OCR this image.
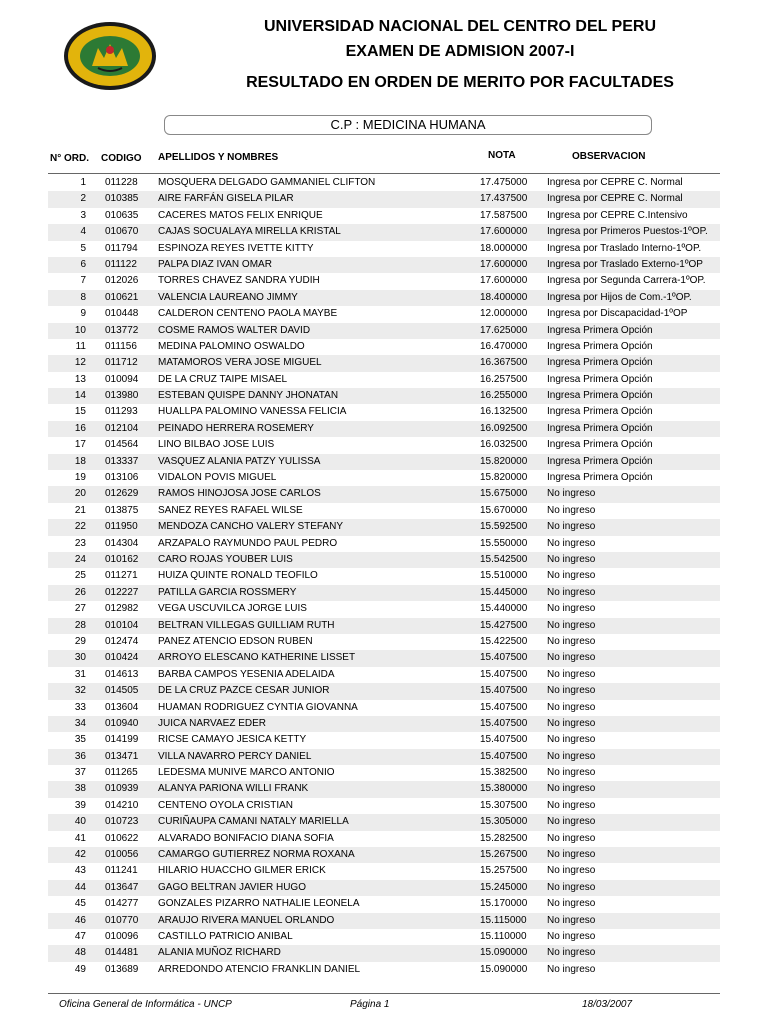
UNIVERSIDAD NACIONAL DEL CENTRO DEL PERU
EXAMEN DE ADMISION 2007-I
RESULTADO EN ORDEN DE MERITO POR FACULTADES
C.P : MEDICINA HUMANA
N° ORD. CODIGO APELLIDOS Y NOMBRES	NOTA	OBSERVACION
1 011228 MOSQUERA DELGADO GAMMANIEL CLIFTON	17.475000 Ingresa por CEPRE C. Normal
2 010385 AIRE FARFÁN GISELA PILAR	17.437500 Ingresa por CEPRE C. Normal
3 010635 CACERES MATOS FELIX ENRIQUE	17.587500 Ingresa por CEPRE C.Intensivo
4 010670 CAJAS SOCUALAYA MIRELLA KRISTAL	17.600000 Ingresa por Primeros Puestos-1ºOP.
5 011794 ESPINOZA REYES IVETTE KITTY	18.000000 Ingresa por Traslado Interno-1ºOP.
6 011122 PALPA DIAZ IVAN OMAR	17.600000 Ingresa por Traslado Externo-1ºOP
7 012026 TORRES CHAVEZ SANDRA YUDIH	17.600000 Ingresa por Segunda Carrera-1ºOP.
8 010621 VALENCIA LAUREANO JIMMY	18.400000 Ingresa por Hijos de Com.-1ºOP.
9 010448 CALDERON CENTENO PAOLA MAYBE	12.000000 Ingresa por Discapacidad-1ºOP
10 013772 COSME RAMOS WALTER DAVID	17.625000 Ingresa Primera Opción
11 011156 MEDINA PALOMINO OSWALDO	16.470000 Ingresa Primera Opción
12 011712 MATAMOROS VERA JOSE MIGUEL	16.367500 Ingresa Primera Opción
13 010094 DE LA CRUZ TAIPE MISAEL	16.257500 Ingresa Primera Opción
14 013980 ESTEBAN QUISPE DANNY JHONATAN	16.255000 Ingresa Primera Opción
15 011293 HUALLPA PALOMINO VANESSA FELICIA	16.132500 Ingresa Primera Opción
16 012104 PEINADO HERRERA ROSEMERY	16.092500 Ingresa Primera Opción
17 014564 LINO BILBAO JOSE LUIS	16.032500 Ingresa Primera Opción
18 013337 VASQUEZ ALANIA PATZY YULISSA	15.820000 Ingresa Primera Opción
19 013106 VIDALON POVIS MIGUEL	15.820000 Ingresa Primera Opción
20 012629 RAMOS HINOJOSA JOSE CARLOS	15.675000 No ingreso
21 013875 SANEZ REYES RAFAEL WILSE	15.670000 No ingreso
22 011950 MENDOZA CANCHO VALERY STEFANY	15.592500 No ingreso
23 014304 ARZAPALO RAYMUNDO PAUL PEDRO	15.550000 No ingreso
24 010162 CARO ROJAS YOUBER LUIS	15.542500 No ingreso
25 011271 HUIZA QUINTE RONALD TEOFILO	15.510000 No ingreso
26 012227 PATILLA GARCIA ROSSMERY	15.445000 No ingreso
27 012982 VEGA USCUVILCA JORGE LUIS	15.440000 No ingreso
28 010104 BELTRAN VILLEGAS GUILLIAM RUTH	15.427500 No ingreso
29 012474 PANEZ ATENCIO EDSON RUBEN	15.422500 No ingreso
30 010424 ARROYO ELESCANO KATHERINE LISSET	15.407500 No ingreso
31 014613 BARBA CAMPOS YESENIA ADELAIDA	15.407500 No ingreso
32 014505 DE LA CRUZ PAZCE CESAR JUNIOR	15.407500 No ingreso
33 013604 HUAMAN RODRIGUEZ CYNTIA GIOVANNA	15.407500 No ingreso
34 010940 JUICA NARVAEZ EDER	15.407500 No ingreso
35 014199 RICSE CAMAYO JESICA KETTY	15.407500 No ingreso
36 013471 VILLA NAVARRO PERCY DANIEL	15.407500 No ingreso
37 011265 LEDESMA MUNIVE MARCO ANTONIO	15.382500 No ingreso
38 010939 ALANYA PARIONA WILLI FRANK	15.380000 No ingreso
39 014210 CENTENO OYOLA CRISTIAN	15.307500 No ingreso
40 010723 CURIÑAUPA CAMANI NATALY MARIELLA	15.305000 No ingreso
41 010622 ALVARADO BONIFACIO DIANA SOFIA	15.282500 No ingreso
42 010056 CAMARGO GUTIERREZ NORMA ROXANA	15.267500 No ingreso
43 011241 HILARIO HUACCHO GILMER ERICK	15.257500 No ingreso
44 013647 GAGO BELTRAN JAVIER HUGO	15.245000 No ingreso
45 014277 GONZALES PIZARRO NATHALIE LEONELA	15.170000 No ingreso
46 010770 ARAUJO RIVERA MANUEL ORLANDO	15.115000 No ingreso
47 010096 CASTILLO PATRICIO ANIBAL	15.110000 No ingreso
48 014481 ALANIA MUÑOZ RICHARD	15.090000 No ingreso
49 013689 ARREDONDO ATENCIO FRANKLIN DANIEL	15.090000 No ingreso
Oficina General de Informática - UNCP	Página 1	18/03/2007
